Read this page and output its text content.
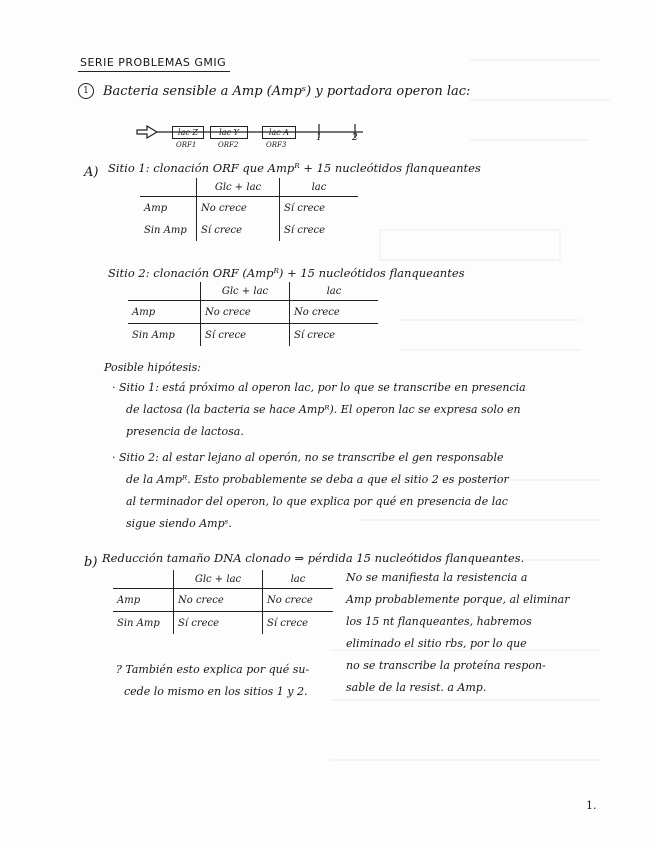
SERIE PROBLEMAS GMIG
1	Bacteria sensible a Amp (Ampˢ) y portadora operon lac:
lac Z	lac Y	lac A
ORF1	ORF2	ORF3
1	2
A) Sitio 1: clonación ORF que Ampᴿ + 15 nucleótidos flanqueantes
	Glc + lac	lac
Amp	No crece	Sí crece
Sin Amp	Sí crece	Sí crece
Sitio 2: clonación ORF (Ampᴿ) + 15 nucleótidos flanqueantes
	Glc + lac	lac
Amp	No crece	No crece
Sin Amp	Sí crece	Sí crece
Posible hipótesis:
· Sitio 1: está próximo al operon lac, por lo que se transcribe en presencia
de lactosa (la bacteria se hace Ampᴿ). El operon lac se expresa solo en
presencia de lactosa.
· Sitio 2: al estar lejano al operón, no se transcribe el gen responsable
de la Ampᴿ. Esto probablemente se deba a que el sitio 2 es posterior
al terminador del operon, lo que explica por qué en presencia de lac
sigue siendo Ampˢ.
b) Reducción tamaño DNA clonado ⇒ pérdida 15 nucleótidos flanqueantes.
	Glc + lac	lac
Amp	No crece	No crece
Sin Amp	Sí crece	Sí crece
No se manifiesta la resistencia a
Amp probablemente porque, al eliminar
los 15 nt flanqueantes, habremos
eliminado el sitio rbs, por lo que
no se transcribe la proteína respon-
sable de la resist. a Amp.
? También esto explica por qué su-
cede lo mismo en los sitios 1 y 2.
1.
